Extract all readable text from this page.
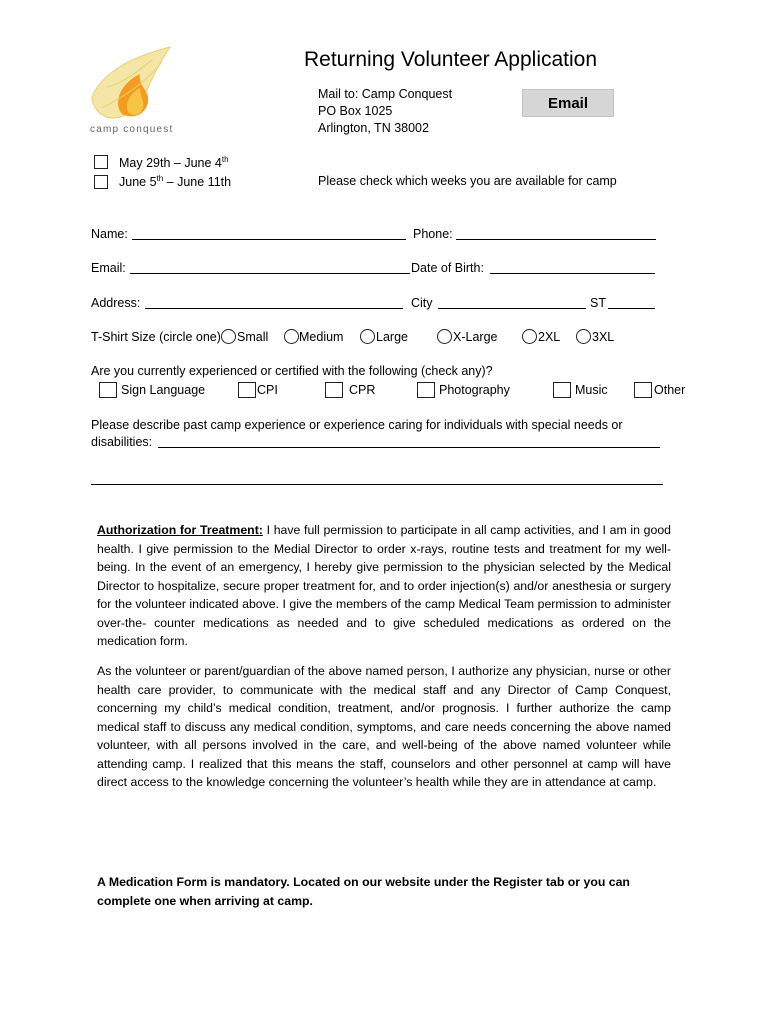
camp conquest
Returning Volunteer Application
Mail to: Camp Conquest
PO Box 1025
Arlington, TN 38002
Email
May 29th – June 4th
June 5th – June 11th	Please check which weeks you are available for camp
Name:	Phone:
Email:	Date of Birth:
Address:	City	ST
T-Shirt Size (circle one) Small Medium	Large	X-Large	2XL	3XL
Are you currently experienced or certified with the following (check any)?
Sign Language	CPI	CPR	Photography	Music	Other
Please describe past camp experience or experience caring for individuals with special needs or
disabilities:
Authorization for Treatment: I have full permission to participate in all camp activities, and I am in good health. I give permission to the Medial Director to order x-rays, routine tests and treatment for my well-being. In the event of an emergency, I hereby give permission to the physician selected by the Medical Director to hospitalize, secure proper treatment for, and to order injection(s) and/or anesthesia or surgery for the volunteer indicated above. I give the members of the camp Medical Team permission to administer over-the- counter medications as needed and to give scheduled medications as ordered on the medication form.
As the volunteer or parent/guardian of the above named person, I authorize any physician, nurse or other health care provider, to communicate with the medical staff and any Director of Camp Conquest, concerning my child’s medical condition, treatment, and/or prognosis. I further authorize the camp medical staff to discuss any medical condition, symptoms, and care needs concerning the above named volunteer, with all persons involved in the care, and well-being of the above named volunteer while attending camp. I realized that this means the staff, counselors and other personnel at camp will have direct access to the knowledge concerning the volunteer’s health while they are in attendance at camp.
A Medication Form is mandatory. Located on our website under the Register tab or you can complete one when arriving at camp.
